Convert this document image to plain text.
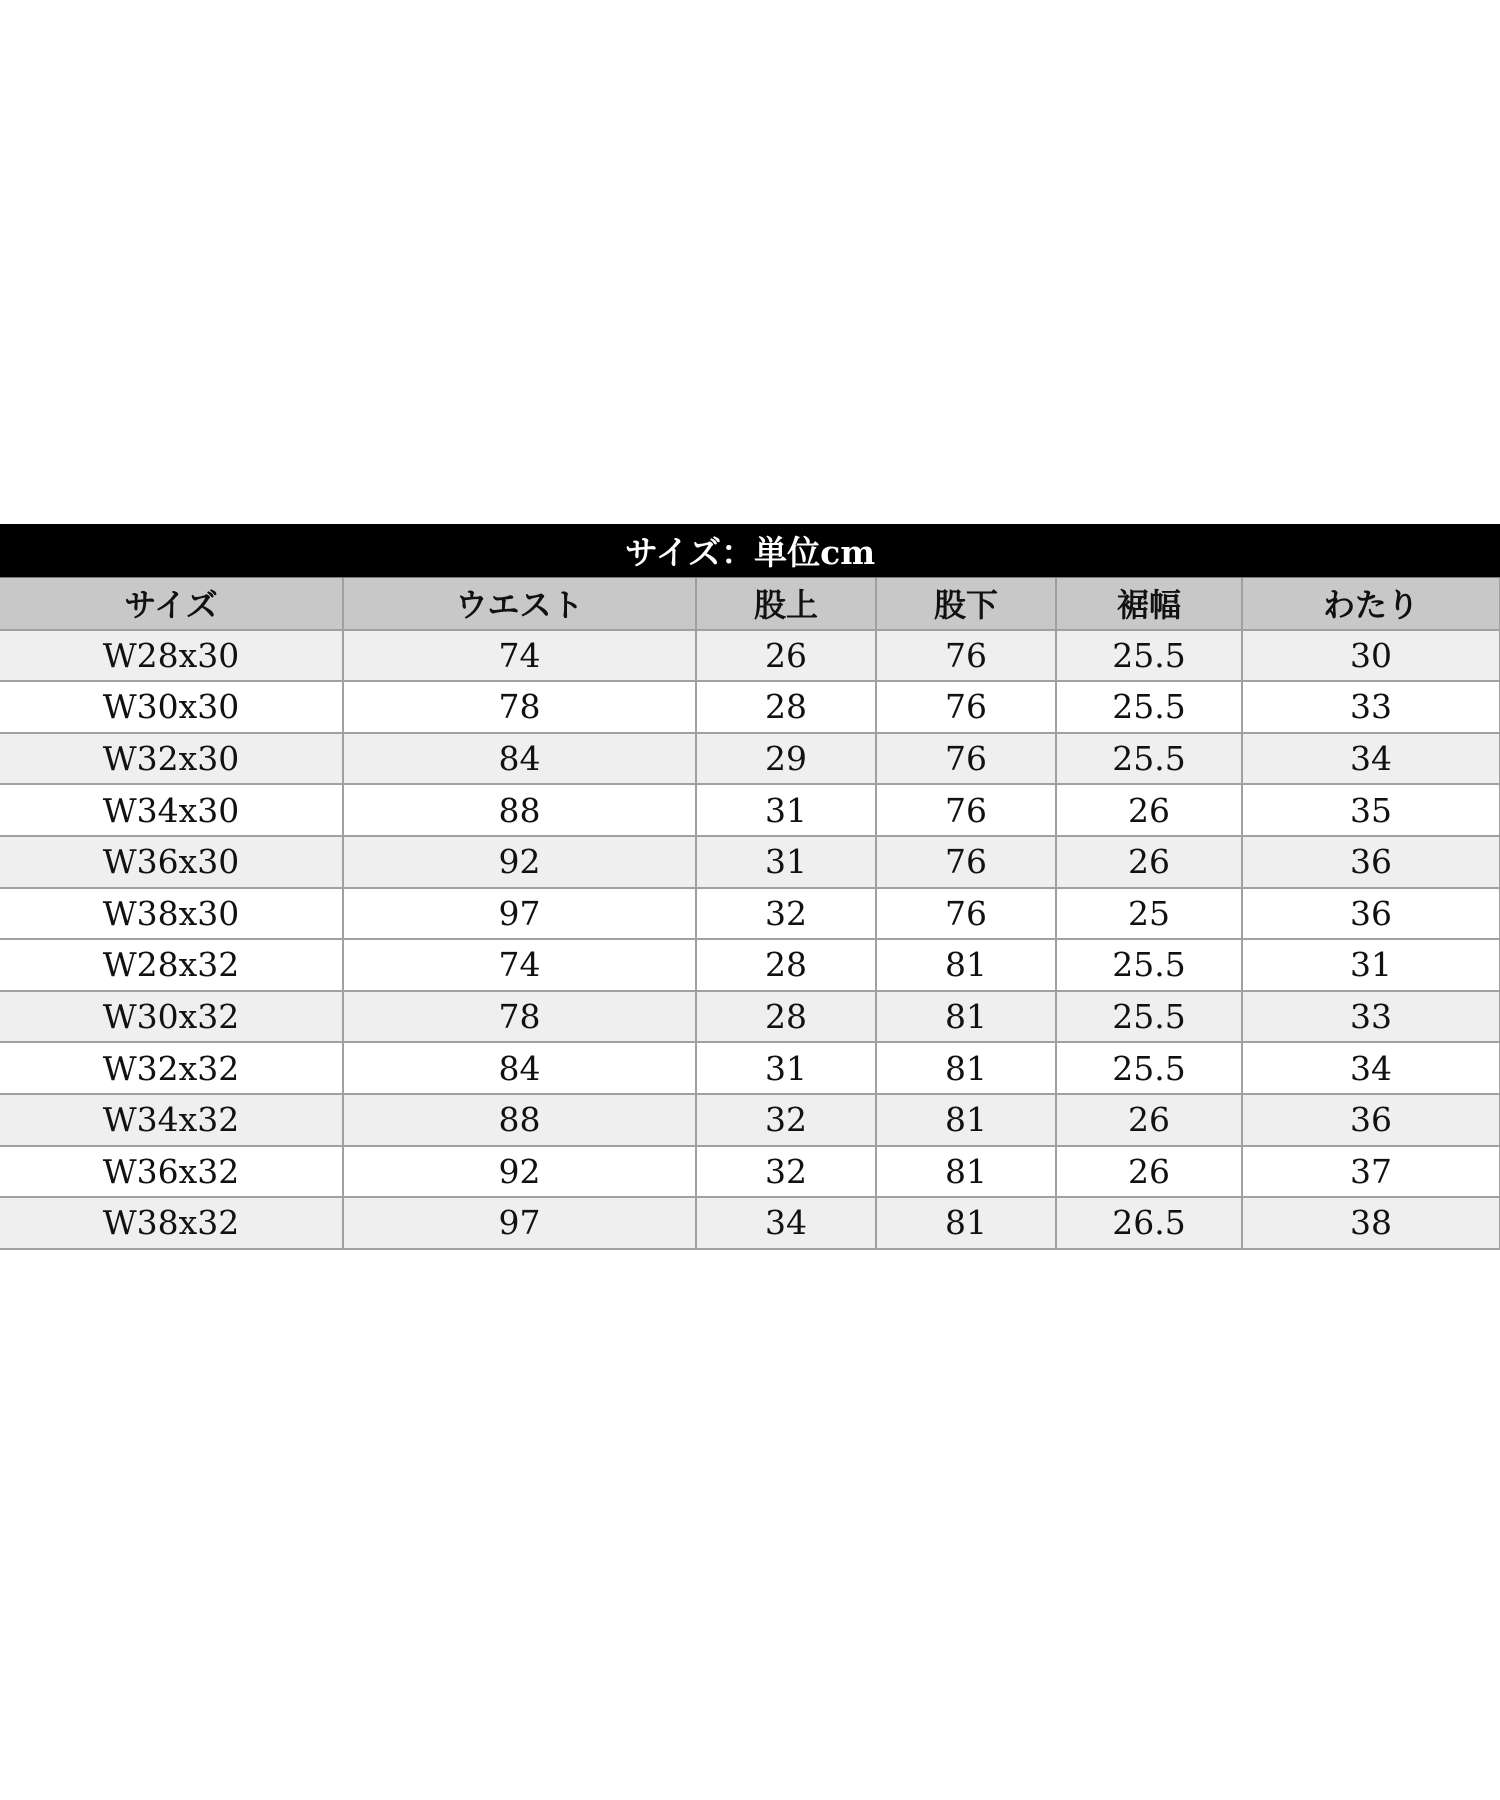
サイズ：単位cm
サイズ	ウエスト	股上	股下	裾幅	わたり
W28x30	74	26	76	25.5	30
W30x30	78	28	76	25.5	33
W32x30	84	29	76	25.5	34
W34x30	88	31	76	26	35
W36x30	92	31	76	26	36
W38x30	97	32	76	25	36
W28x32	74	28	81	25.5	31
W30x32	78	28	81	25.5	33
W32x32	84	31	81	25.5	34
W34x32	88	32	81	26	36
W36x32	92	32	81	26	37
W38x32	97	34	81	26.5	38
